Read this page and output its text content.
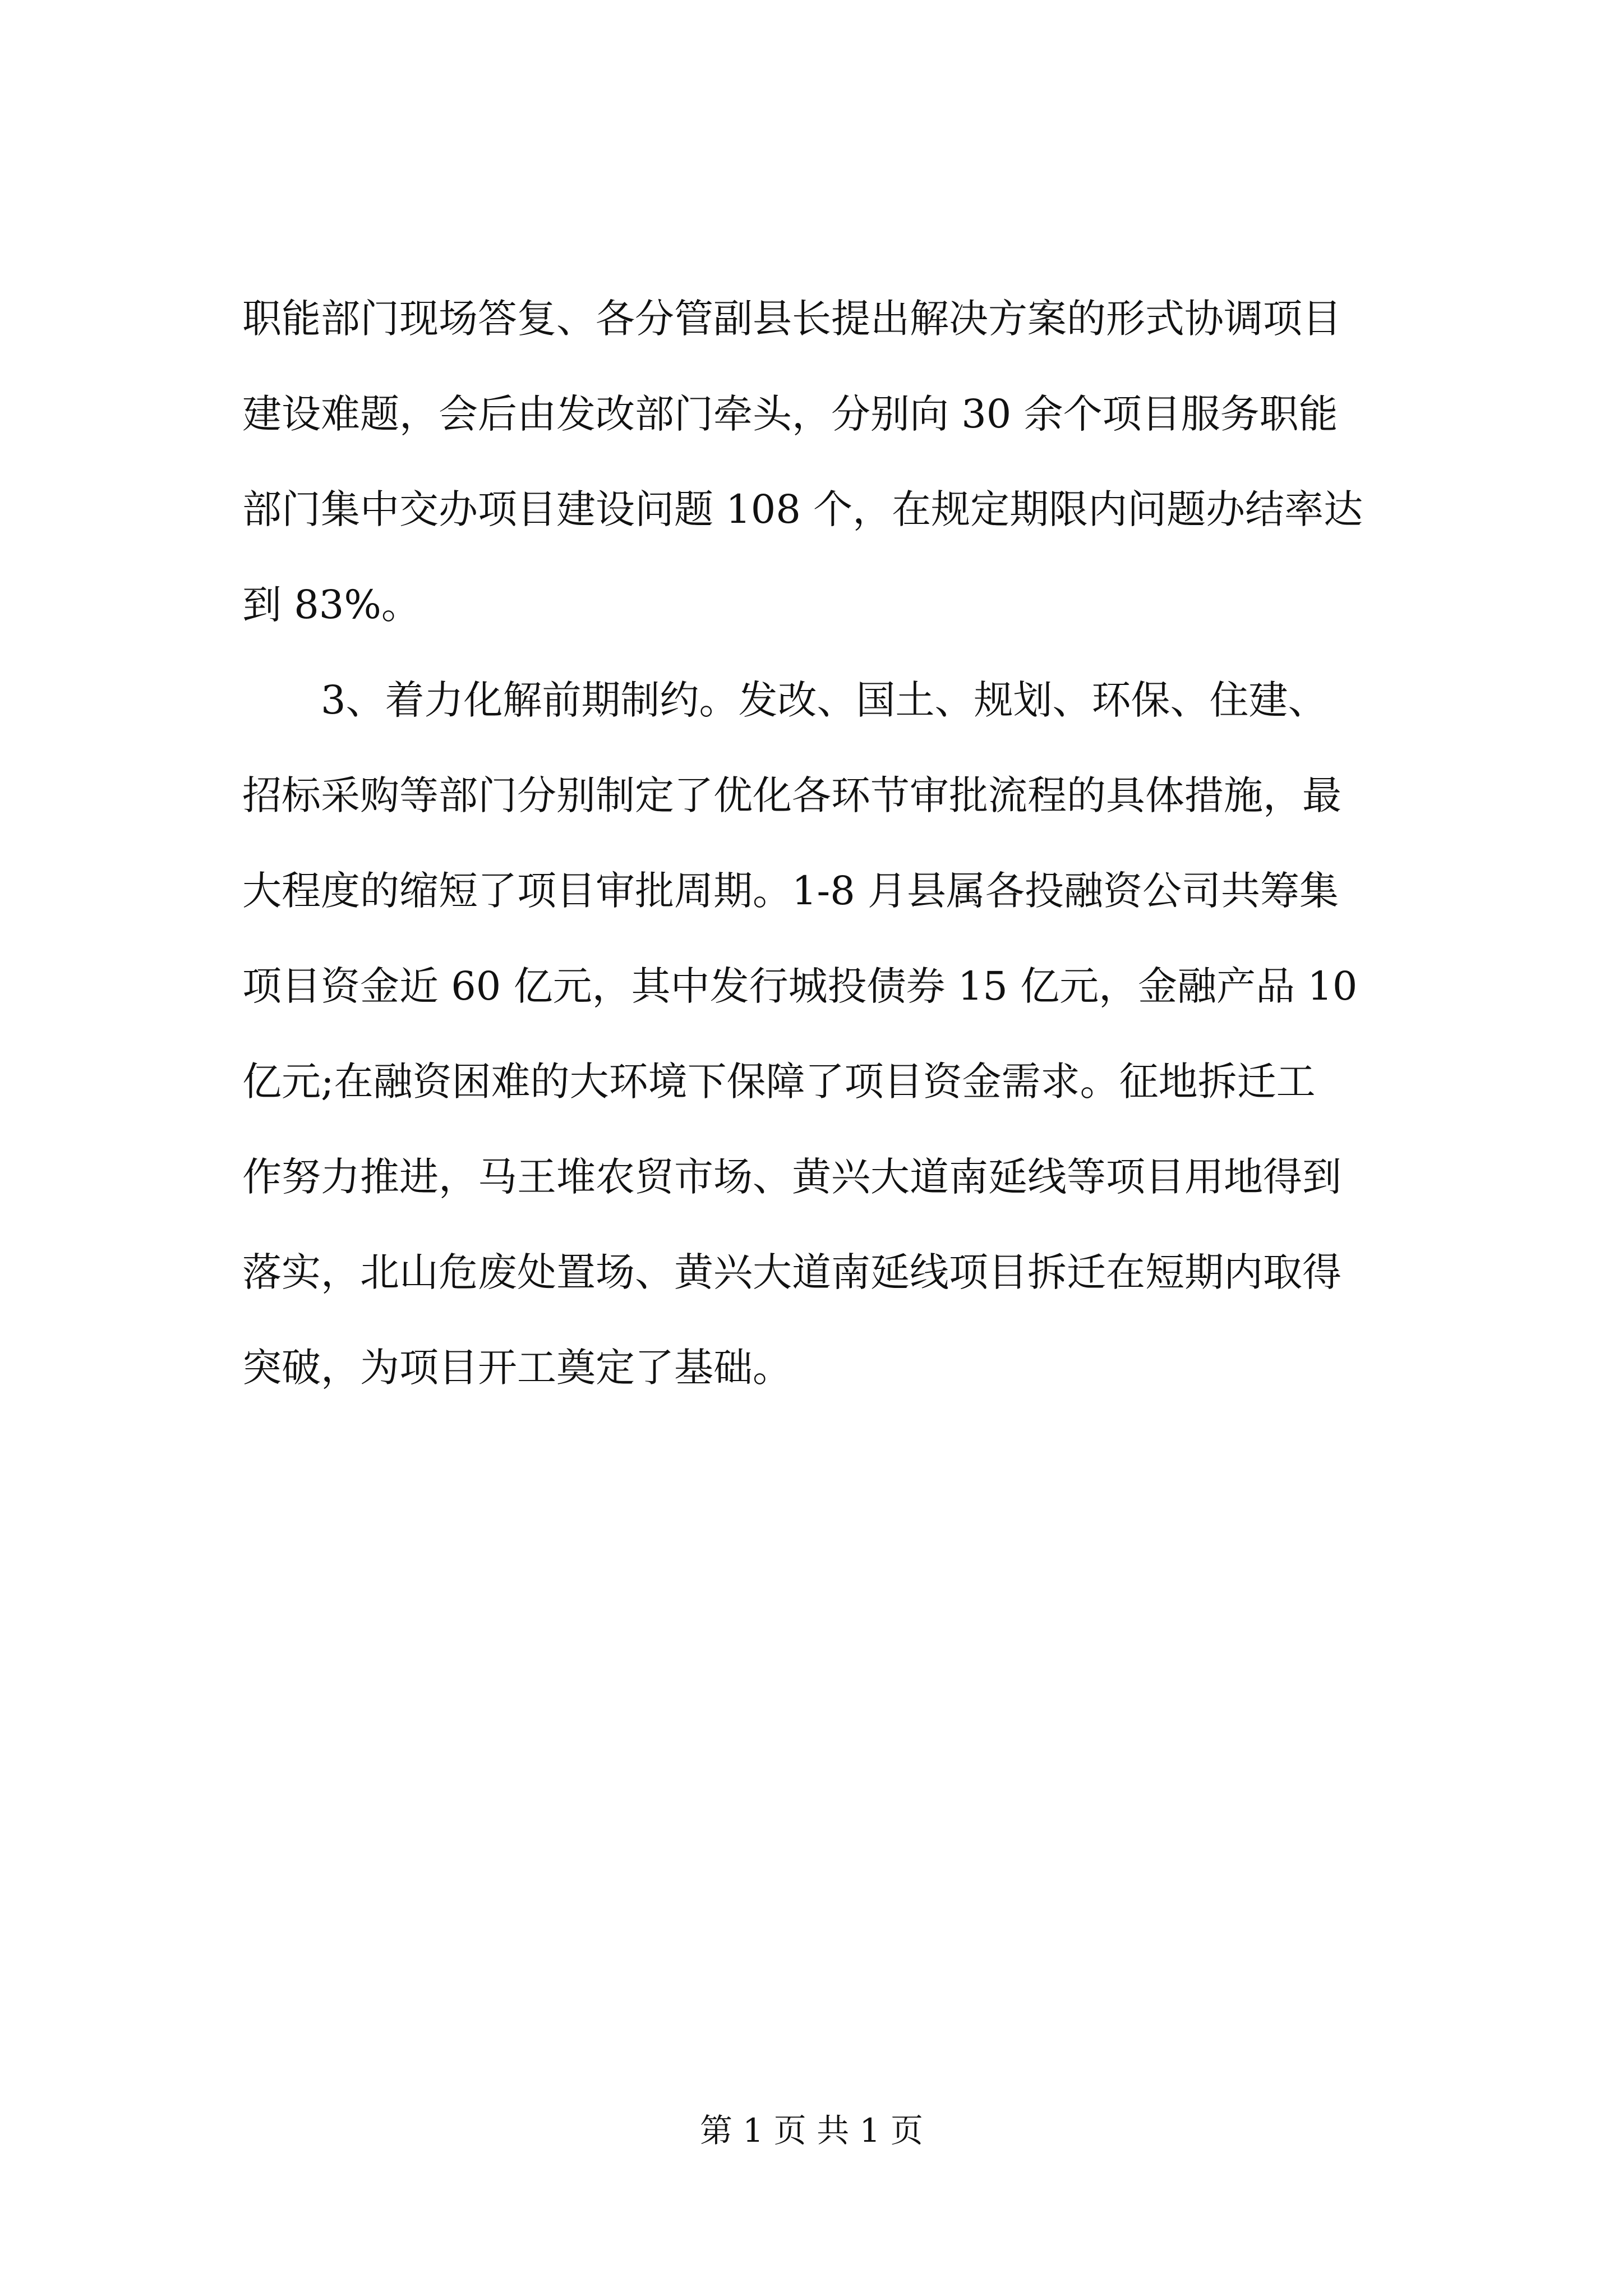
职能部门现场答复、各分管副县长提出解决方案的形式协调项目

建设难题，会后由发改部门牵头，分别向 30 余个项目服务职能

部门集中交办项目建设问题 108 个，在规定期限内问题办结率达

到 83%。

3、着力化解前期制约。发改、国土、规划、环保、住建、

招标采购等部门分别制定了优化各环节审批流程的具体措施，最

大程度的缩短了项目审批周期。1-8 月县属各投融资公司共筹集

项目资金近 60 亿元，其中发行城投债券 15 亿元，金融产品 10

亿元;在融资困难的大环境下保障了项目资金需求。征地拆迁工

作努力推进，马王堆农贸市场、黄兴大道南延线等项目用地得到

落实，北山危废处置场、黄兴大道南延线项目拆迁在短期内取得

突破，为项目开工奠定了基础。

第 1 页 共 1 页
